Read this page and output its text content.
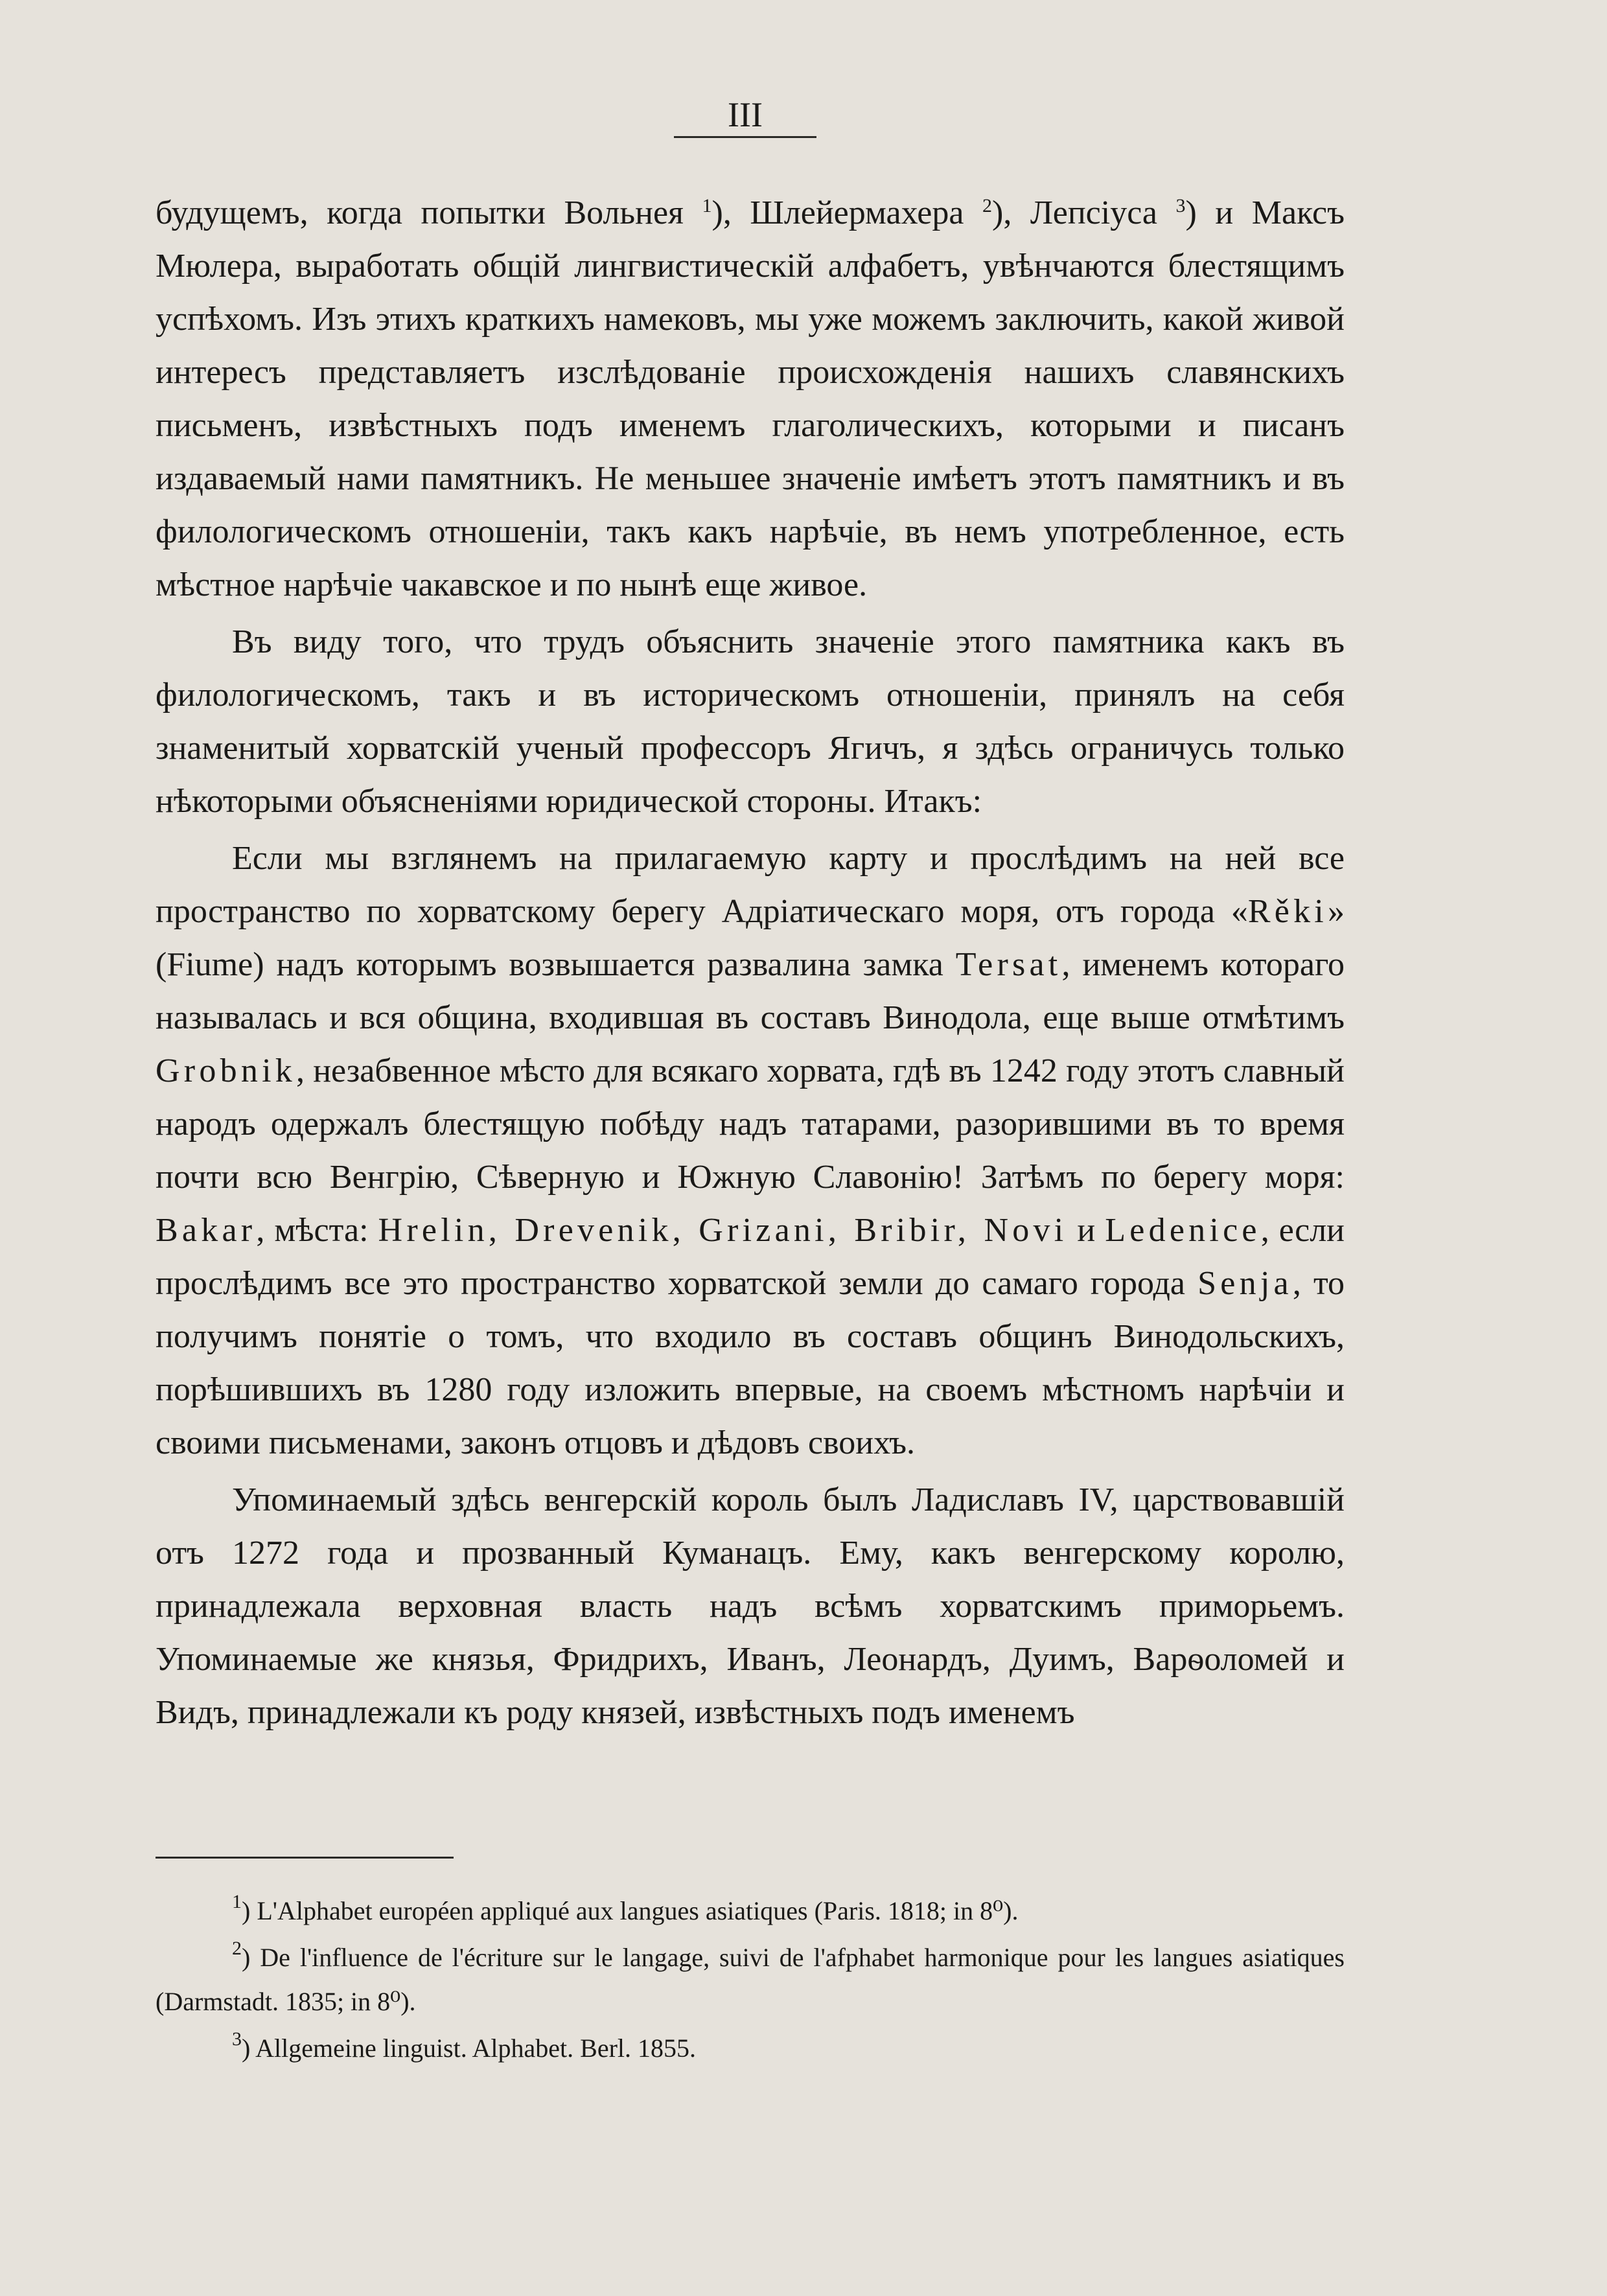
III

будущемъ, когда попытки Вольнея $^1$), Шлейермахера $^2$), Лепсіуса $^3$) и Максъ Мюлера, выработать общій лингвистическій алфабетъ, увѣнчаются блестящимъ успѣхомъ. Изъ этихъ краткихъ намековъ, мы уже можемъ заключить, какой живой интересъ представляетъ изслѣдованіе происхожденія нашихъ славянскихъ письменъ, извѣстныхъ подъ именемъ глаголическихъ, которыми и писанъ издаваемый нами памятникъ. Не меньшее значеніе имѣетъ этотъ памятникъ и въ филологическомъ отношеніи, такъ какъ нарѣчіе, въ немъ употребленное, есть мѣстное нарѣчіе чакавское и по нынѣ еще живое.

Въ виду того, что трудъ объяснить значеніе этого памятника какъ въ филологическомъ, такъ и въ историческомъ отношеніи, принялъ на себя знаменитый хорватскій ученый профессоръ Ягичъ, я здѣсь ограничусь только нѣкоторыми объясненіями юридической стороны. Итакъ:

Если мы взглянемъ на прилагаемую карту и прослѣдимъ на ней все пространство по хорватскому берегу Адріатическаго моря, отъ города «Rěki» (Fiume) надъ которымъ возвышается развалина замка Tersat, именемъ котораго называлась и вся община, входившая въ составъ Винодола, еще выше отмѣтимъ Grobnik, незабвенное мѣсто для всякаго хорвата, гдѣ въ 1242 году этотъ славный народъ одержалъ блестящую побѣду надъ татарами, разорившими въ то время почти всю Венгрію, Сѣверную и Южную Славонію! Затѣмъ по берегу моря: Bakar, мѣста: Hrelin, Drevenik, Grizani, Bribir, Novi и Ledenice, если прослѣдимъ все это пространство хорватской земли до самаго города Senja, то получимъ понятіе о томъ, что входило въ составъ общинъ Винодольскихъ, порѣшившихъ въ 1280 году изложить впервые, на своемъ мѣстномъ нарѣчіи и своими письменами, законъ отцовъ и дѣдовъ своихъ.

Упоминаемый здѣсь венгерскій король былъ Ладиславъ IV, царствовавшій отъ 1272 года и прозванный Куманацъ. Ему, какъ венгерскому королю, принадлежала верховная власть надъ всѣмъ хорватскимъ приморьемъ. Упоминаемые же князья, Фридрихъ, Иванъ, Леонардъ, Дуимъ, Варѳоломей и Видъ, принадлежали къ роду князей, извѣстныхъ подъ именемъ

$^1$) L'Alphabet européen appliqué aux langues asiatiques (Paris. 1818; in 8⁰).

$^2$) De l'influence de l'écriture sur le langage, suivi de l'afphabet harmonique pour les langues asiatiques (Darmstadt. 1835; in 8⁰).

$^3$) Allgemeine linguist. Alphabet. Berl. 1855.
